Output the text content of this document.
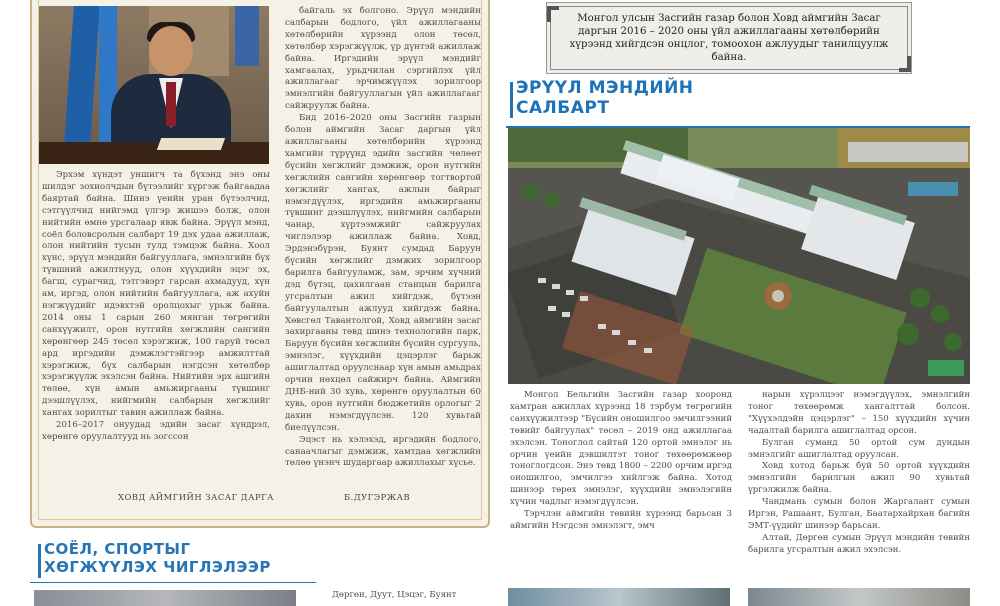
Эрхэм хүндэт уншигч та бүхэнд энэ оны шилдэг зохиолчдын бүтээлийг хүргэж байгаадаа баяртай байна. Шинэ үеийн уран бүтээлчид, сэтгүүлчид нийгэмд үлгэр жишээ болж, олон нийтийн өмнө урсгалаар явж байна. Эрүүл мэнд, соёл боловсролын салбарт 19 дэх удаа ажиллаж, олон нийтийн тусын тулд тэмцэж байна. Хоол хүнс, эрүүл мэндийн байгууллага, эмнэлгийн бүх түвшний ажилтнууд, олон хүүхдийн эцэг эх, багш, сурагчид, тэтгэвэрт гарсан ахмадууд, хүн ам, иргэд, олон нийтийн байгууллага, аж ахуйн нэгжүүдийг идэвхтэй оролцохыг урьж байна. 2014 оны 1 сарын 260 мянган төгрөгийн санхүүжилт, орон нутгийн хөгжлийн сангийн хөрөнгөөр 245 төсөл хэрэгжиж, 100 гаруй төсөл ард иргэдийн дэмжлэгтэйгээр амжилттай хэрэгжиж, бүх салбарын нэгдсэн хөтөлбөр хэрэгжүүлж эхэлсэн байна. Нийтийн эрх ашгийн төлөө, хүн амын амьжиргааны түвшинг дээшлүүлэх, нийгмийн салбарын хөгжлийг хангах зорилтыг тавин ажиллаж байна.

2016–2017 онуудад эдийн засаг хүндрэл, хөрөнгө оруулалтууд нь зогссон

байгаль эх болгоно. Эрүүл мэндийн салбарын бодлого, үйл ажиллагааны хөтөлбөрийн хүрээнд олон төсөл, хөтөлбөр хэрэгжүүлж, үр дүнтэй ажиллаж байна. Иргэдийн эрүүл мэндийг хамгаалах, урьдчилан сэргийлэх үйл ажиллагааг эрчимжүүлэх зорилгоор эмнэлгийн байгууллагын үйл ажиллагааг сайжруулж байна.

Бид 2016–2020 оны Засгийн газрын болон аймгийн Засаг даргын үйл ажиллагааны хөтөлбөрийн хүрээнд хамгийн түрүүнд эдийн засгийн чөлөөт бүсийн хөгжлийг дэмжиж, орон нутгийн хөгжлийн сангийн хөрөнгөөр тогтвортой хөгжлийг хангах, ажлын байрыг нэмэгдүүлэх, иргэдийн амьжиргааны түвшинг дээшлүүлэх, нийгмийн салбарын чанар, хүртээмжийг сайжруулах чиглэлээр ажиллаж байна. Ховд, Эрдэнэбүрэн, Буянт сумдад Баруун бүсийн хөгжлийг дэмжих зорилгоор барилга байгууламж, зам, эрчим хүчний дэд бүтэц, цахилгаан станцын барилга угсралтын ажил хийгдэж, бүтээн байгуулалтын ажлууд хийгдэж байна. Хөвсгөл Тавантолгой, Ховд аймгийн засаг захиргааны төвд шинэ технологийн парк, Баруун бүсийн хөгжлийн бүсийн сургууль, эмнэлэг, хүүхдийн цэцэрлэг барьж ашиглалтад оруулснаар хүн амын амьдрах орчин нөхцөл сайжирч байна. Аймгийн ДНБ-ний 30 хувь, хөрөнгө оруулалтын 60 хувь, орон нутгийн бюджетийн орлогыг 2 дахин нэмэгдүүлсэн. 120 хувьтай биелүүлсэн.

Эцэст нь хэлэхэд, иргэдийн бодлого, санаачлагыг дэмжиж, хамтдаа хөгжлийн төлөө үнэнч шударгаар ажиллахыг хүсье.

ХОВД АЙМГИЙН ЗАСАГ ДАРГА	Б.ДУГЭРЖАВ
Монгол улсын Засгийн газар болон Ховд аймгийн Засаг даргын 2016 – 2020 оны үйл ажиллагааны хөтөлбөрийн хүрээнд хийгдсэн онцлог, томоохон ажлуудыг танилцуулж байна.
ЭРҮҮЛ МЭНДИЙН
САЛБАРТ

Монгол Бельгийн Засгийн газар хооронд хамтран ажиллах хүрээнд 18 тэрбум төгрөгийн санхүүжилтээр "Бүсийн оношилгоо эмчилгээний төвийг байгуулах" төсөл – 2019 онд ажиллагаа эхэлсэн. Тоноглол сайтай 120 ортой эмнэлэг нь орчин үеийн дэвшилтэт тоног төхөөрөмжөөр тоноглогдсон. Энэ төвд 1800 – 2200 орчим иргэд оношилгоо, эмчилгээ хийлгэж байна. Хотод шинээр төрөх эмнэлэг, хүүхдийн эмнэлэгийн хүчин чадлыг нэмэгдүүлсэн.

Тэрчлэн аймгийн төвийн хүрээнд барьсан 3 аймгийн Нэгдсэн эмнэлэгт, эмч

нарын хүрэлцээг нэмэгдүүлэх, эмнэлгийн тоног төхөөрөмж хангалттай болсон. "Хүүхэлдэйн цэцэрлэг" – 150 хүүхдийн хүчин чадалтай барилга ашиглалтад орсон.

Булган суманд 50 ортой сум дундын эмнэлгийг ашиглалтад оруулсан.

Ховд хотод барьж буй 50 ортой хүүхдийн эмнэлгийн барилгын ажил 90 хувьтай үргэлжилж байна.

Чандмань сумын болон Жаргалант сумын Иргэн, Рашаант, Булган, Баатархайрхан багийн ЭМТ-үүдийг шинээр барьсан.

Алтай, Дөргөн сумын Эрүүл мэндийн төвийн барилга угсралтын ажил эхэлсэн.

СОЁЛ, СПОРТЫГ
ХӨГЖҮҮЛЭХ ЧИГЛЭЛЭЭР
Дөргөн, Дуут, Цэцэг, Буянт
